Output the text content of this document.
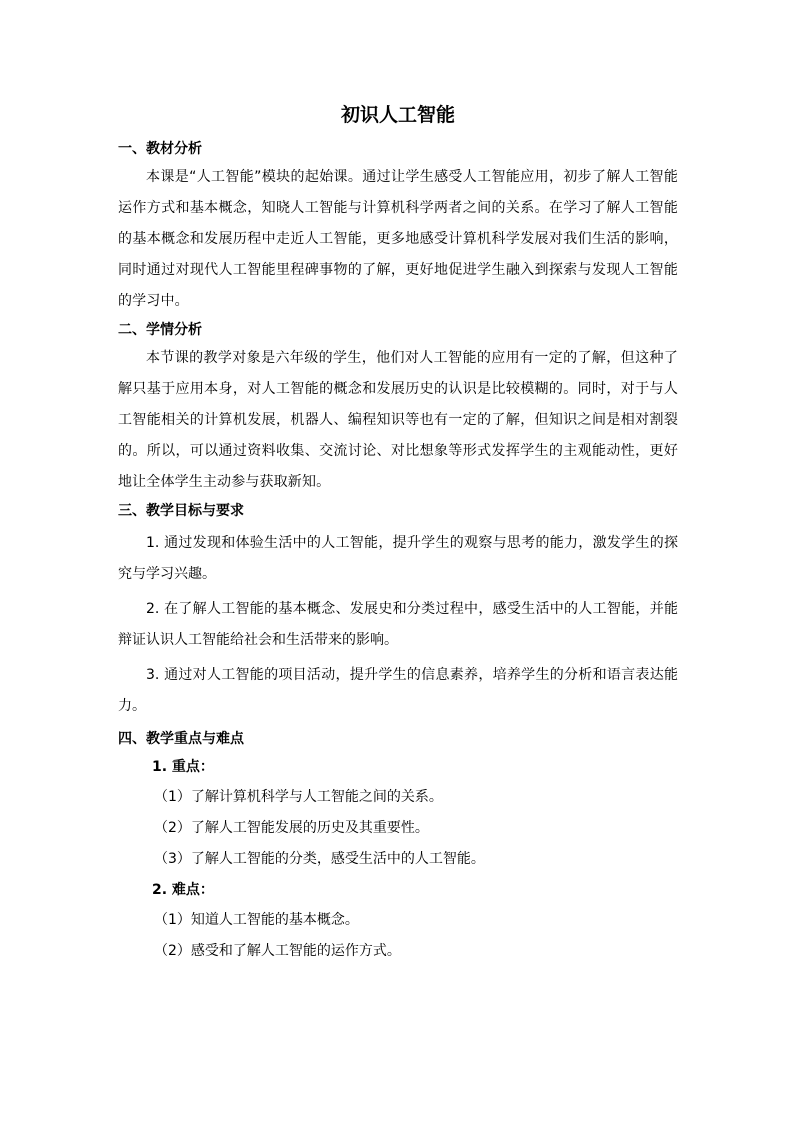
初识人工智能

一、教材分析

本课是“人工智能”模块的起始课。通过让学生感受人工智能应用，初步了解人工智能运作方式和基本概念，知晓人工智能与计算机科学两者之间的关系。在学习了解人工智能的基本概念和发展历程中走近人工智能，更多地感受计算机科学发展对我们生活的影响，同时通过对现代人工智能里程碑事物的了解，更好地促进学生融入到探索与发现人工智能的学习中。

二、学情分析

本节课的教学对象是六年级的学生，他们对人工智能的应用有一定的了解，但这种了解只基于应用本身，对人工智能的概念和发展历史的认识是比较模糊的。同时，对于与人工智能相关的计算机发展，机器人、编程知识等也有一定的了解，但知识之间是相对割裂的。所以，可以通过资料收集、交流讨论、对比想象等形式发挥学生的主观能动性，更好地让全体学生主动参与获取新知。

三、教学目标与要求

1. 通过发现和体验生活中的人工智能，提升学生的观察与思考的能力，激发学生的探究与学习兴趣。

2. 在了解人工智能的基本概念、发展史和分类过程中，感受生活中的人工智能，并能辩证认识人工智能给社会和生活带来的影响。

3. 通过对人工智能的项目活动，提升学生的信息素养，培养学生的分析和语言表达能力。

四、教学重点与难点

1. 重点：

（1）了解计算机科学与人工智能之间的关系。

（2）了解人工智能发展的历史及其重要性。

（3）了解人工智能的分类，感受生活中的人工智能。

2. 难点：

（1）知道人工智能的基本概念。

（2）感受和了解人工智能的运作方式。
